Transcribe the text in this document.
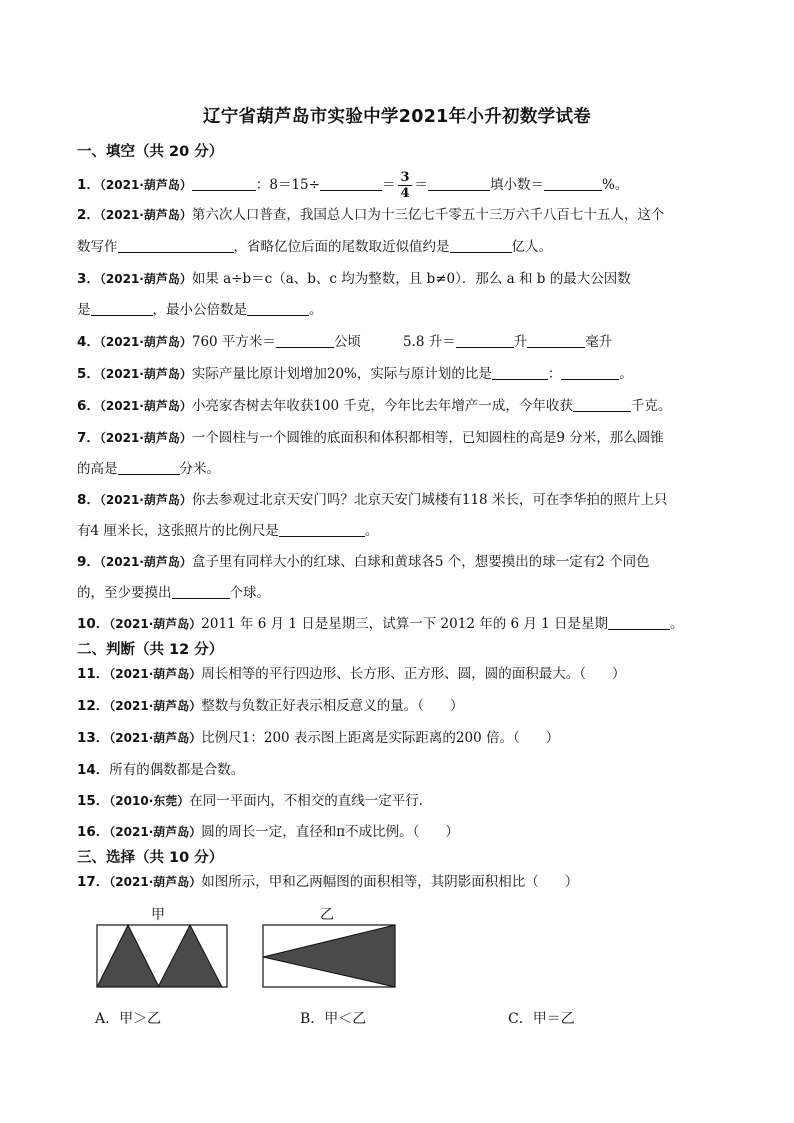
辽宁省葫芦岛市实验中学2021年小升初数学试卷
一、填空（共 20 分）
1．（2021·葫芦岛）	：8＝15÷	＝ $\frac{3}{4}$ ＝	填小数＝	%。
2．（2021·葫芦岛）第六次人口普查，我国总人口为十三亿七千零五十三万六千八百七十五人，这个
数写作	，省略亿位后面的尾数取近似值约是	亿人。
3．（2021·葫芦岛）如果 a÷b＝c（a、b、c 均为整数，且 b≠0）．那么 a 和 b 的最大公因数
是	，最小公倍数是	。
4．（2021·葫芦岛）760 平方米＝	公顷	5.8 升＝	升	毫升
5．（2021·葫芦岛）实际产量比原计划增加20%，实际与原计划的比是	：	。
6．（2021·葫芦岛）小亮家杏树去年收获100 千克，今年比去年增产一成，今年收获	千克。
7．（2021·葫芦岛）一个圆柱与一个圆锥的底面积和体积都相等，已知圆柱的高是9 分米，那么圆锥
的高是	分米。
8．（2021·葫芦岛）你去参观过北京天安门吗？北京天安门城楼有118 米长，可在李华拍的照片上只
有4 厘米长，这张照片的比例尺是	。
9．（2021·葫芦岛）盒子里有同样大小的红球、白球和黄球各5 个，想要摸出的球一定有2 个同色
的，至少要摸出	个球。
10．（2021·葫芦岛）2011 年 6 月 1 日是星期三，试算一下 2012 年的 6 月 1 日是星期	。
二、判断（共 12 分）
11．（2021·葫芦岛）周长相等的平行四边形、长方形、正方形、圆，圆的面积最大。（ ）
12．（2021·葫芦岛）整数与负数正好表示相反意义的量。（ ）
13．（2021·葫芦岛）比例尺1：200 表示图上距离是实际距离的200 倍。（ ）
14．所有的偶数都是合数。
15．（2010·东莞）在同一平面内，不相交的直线一定平行．
16．（2021·葫芦岛）圆的周长一定，直径和π不成比例。（ ）
三、选择（共 10 分）
17．（2021·葫芦岛）如图所示，甲和乙两幅图的面积相等，其阴影面积相比（ ）
甲	乙
A．甲＞乙	B．甲＜乙	C．甲＝乙
